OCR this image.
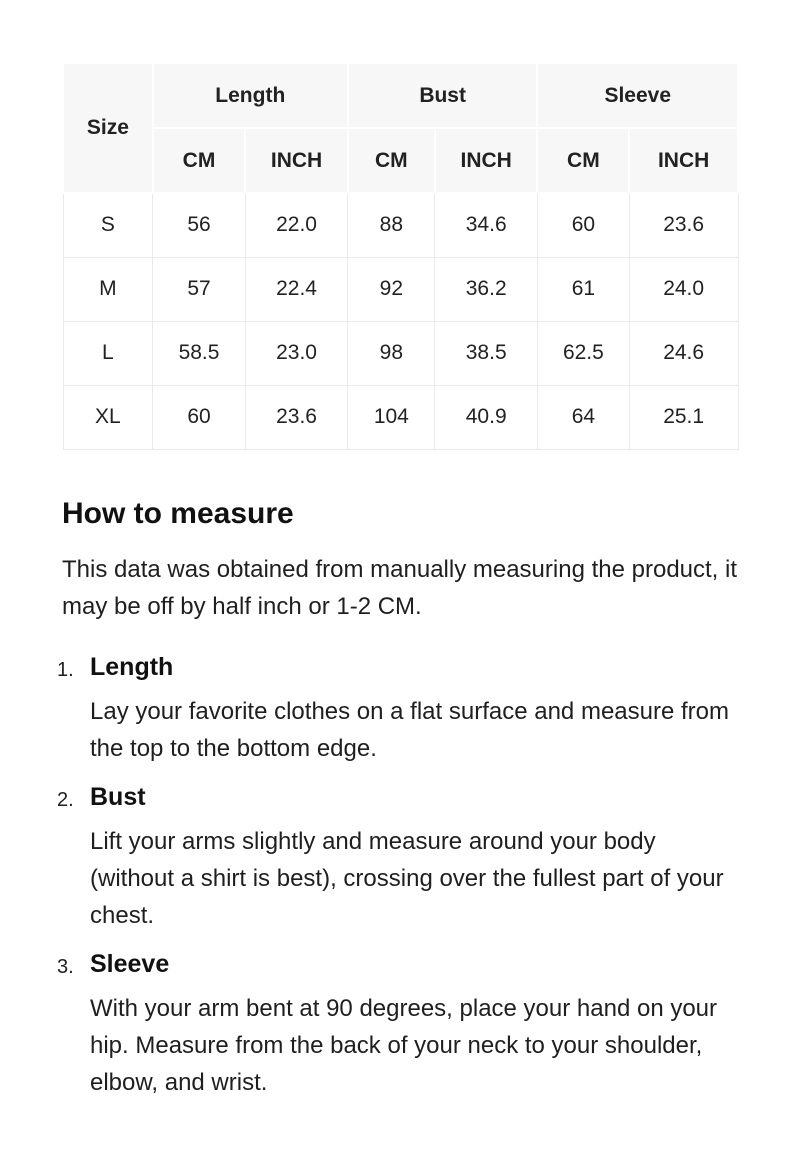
Size	Length		Bust		Sleeve	
	CM	INCH	CM	INCH	CM	INCH
S	56	22.0	88	34.6	60	23.6
M	57	22.4	92	36.2	61	24.0
L	58.5	23.0	98	38.5	62.5	24.6
XL	60	23.6	104	40.9	64	25.1
How to measure

This data was obtained from manually measuring the product, it may be off by half inch or 1-2 CM.

1. Length
Lay your favorite clothes on a flat surface and measure from the top to the bottom edge.
2. Bust
Lift your arms slightly and measure around your body (without a shirt is best), crossing over the fullest part of your chest.
3. Sleeve
With your arm bent at 90 degrees, place your hand on your hip. Measure from the back of your neck to your shoulder, elbow, and wrist.
